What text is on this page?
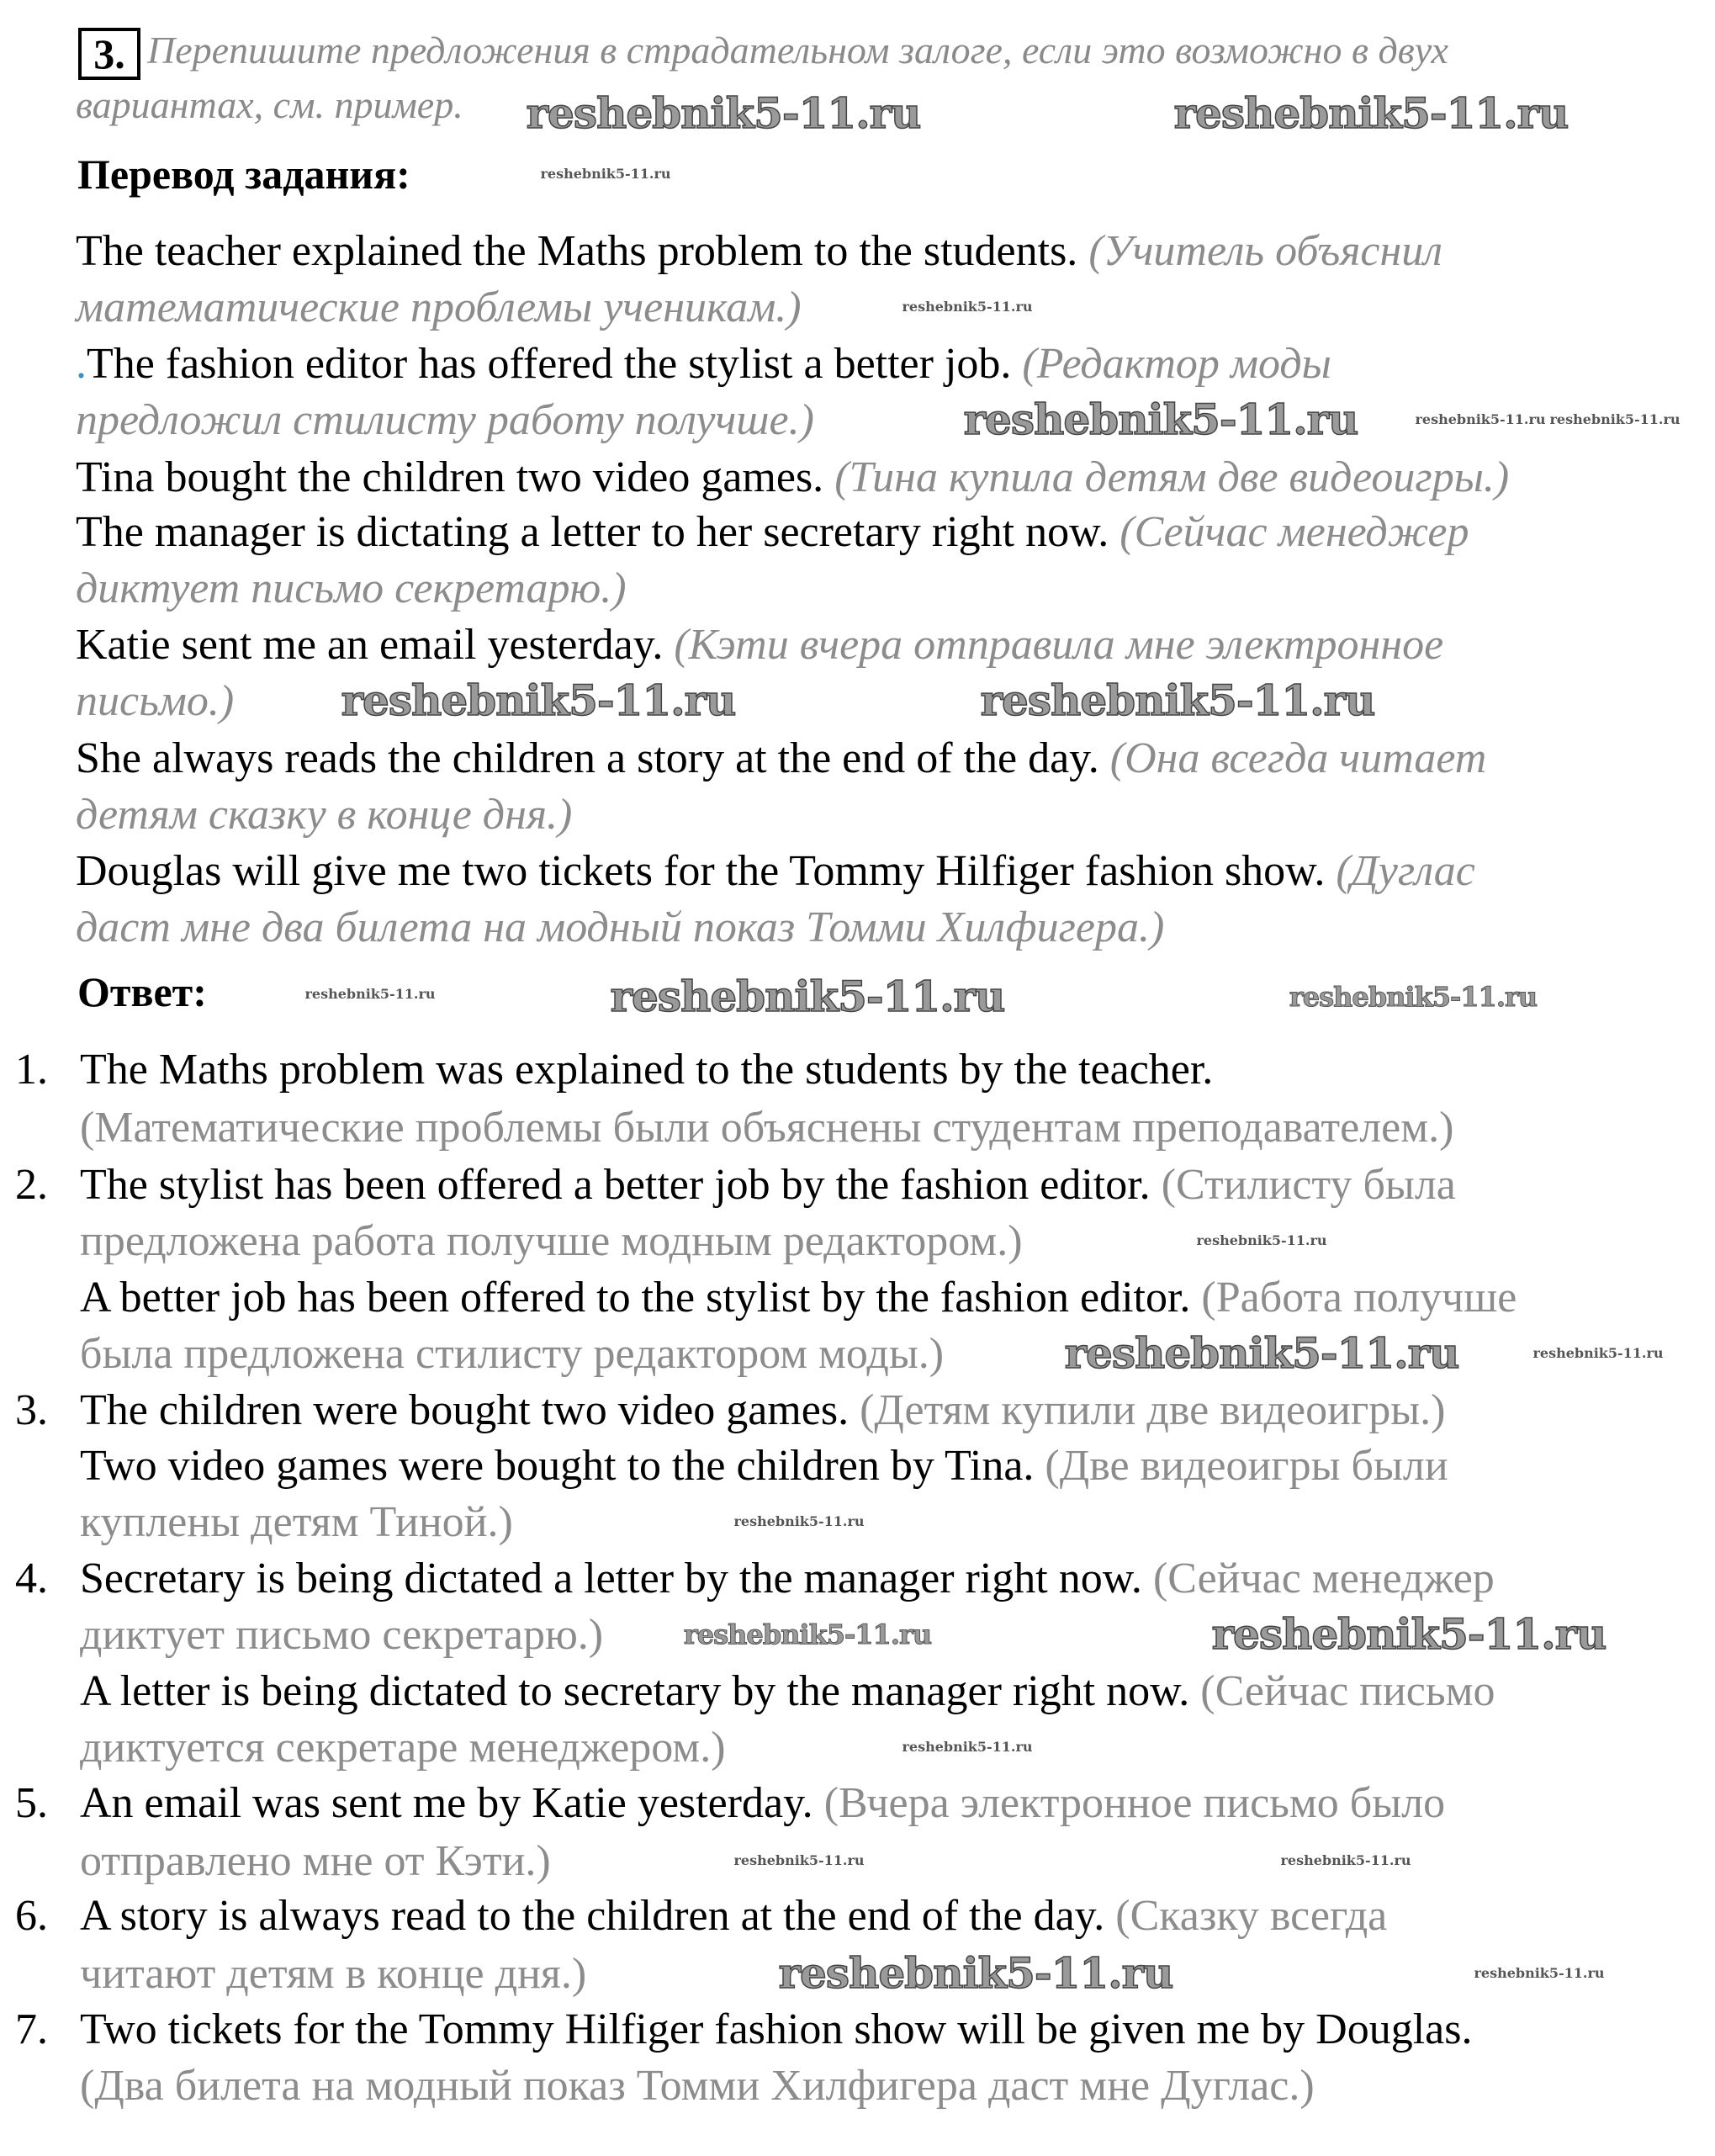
3. Перепишите предложения в страдательном залоге, если это возможно в двух
вариантах, см. пример.
Перевод задания:
The teacher explained the Maths problem to the students. (Учитель объяснил
математические проблемы ученикам.)
.The fashion editor has offered the stylist a better job. (Редактор моды
предложил стилисту работу получше.)
Tina bought the children two video games. (Тина купила детям две видеоигры.)
The manager is dictating a letter to her secretary right now. (Сейчас менеджер
диктует письмо секретарю.)
Katie sent me an email yesterday. (Кэти вчера отправила мне электронное
письмо.)
She always reads the children a story at the end of the day. (Она всегда читает
детям сказку в конце дня.)
Douglas will give me two tickets for the Tommy Hilfiger fashion show. (Дуглас
даст мне два билета на модный показ Томми Хилфигера.)
Ответ:
1. The Maths problem was explained to the students by the teacher.
(Математические проблемы были объяснены студентам преподавателем.)
2. The stylist has been offered a better job by the fashion editor. (Стилисту была
предложена работа получше модным редактором.)
A better job has been offered to the stylist by the fashion editor. (Работа получше
была предложена стилисту редактором моды.)
3. The children were bought two video games. (Детям купили две видеоигры.)
Two video games were bought to the children by Tina. (Две видеоигры были
куплены детям Тиной.)
4. Secretary is being dictated a letter by the manager right now. (Сейчас менеджер
диктует письмо секретарю.)
A letter is being dictated to secretary by the manager right now. (Сейчас письмо
диктуется секретаре менеджером.)
5. An email was sent me by Katie yesterday. (Вчера электронное письмо было
отправлено мне от Кэти.)
6. A story is always read to the children at the end of the day. (Сказку всегда
читают детям в конце дня.)
7. Two tickets for the Tommy Hilfiger fashion show will be given me by Douglas.
(Два билета на модный показ Томми Хилфигера даст мне Дуглас.)
reshebnik5-11.ru	reshebnik5-11.ru
reshebnik5-11.ru
reshebnik5-11.ru
reshebnik5-11.ru	reshebnik5-11.ru reshebnik5-11.ru
reshebnik5-11.ru	reshebnik5-11.ru
reshebnik5-11.ru	reshebnik5-11.ru	reshebnik5-11.ru
reshebnik5-11.ru
reshebnik5-11.ru	reshebnik5-11.ru
reshebnik5-11.ru
reshebnik5-11.ru	reshebnik5-11.ru
reshebnik5-11.ru
reshebnik5-11.ru	reshebnik5-11.ru
reshebnik5-11.ru	reshebnik5-11.ru
